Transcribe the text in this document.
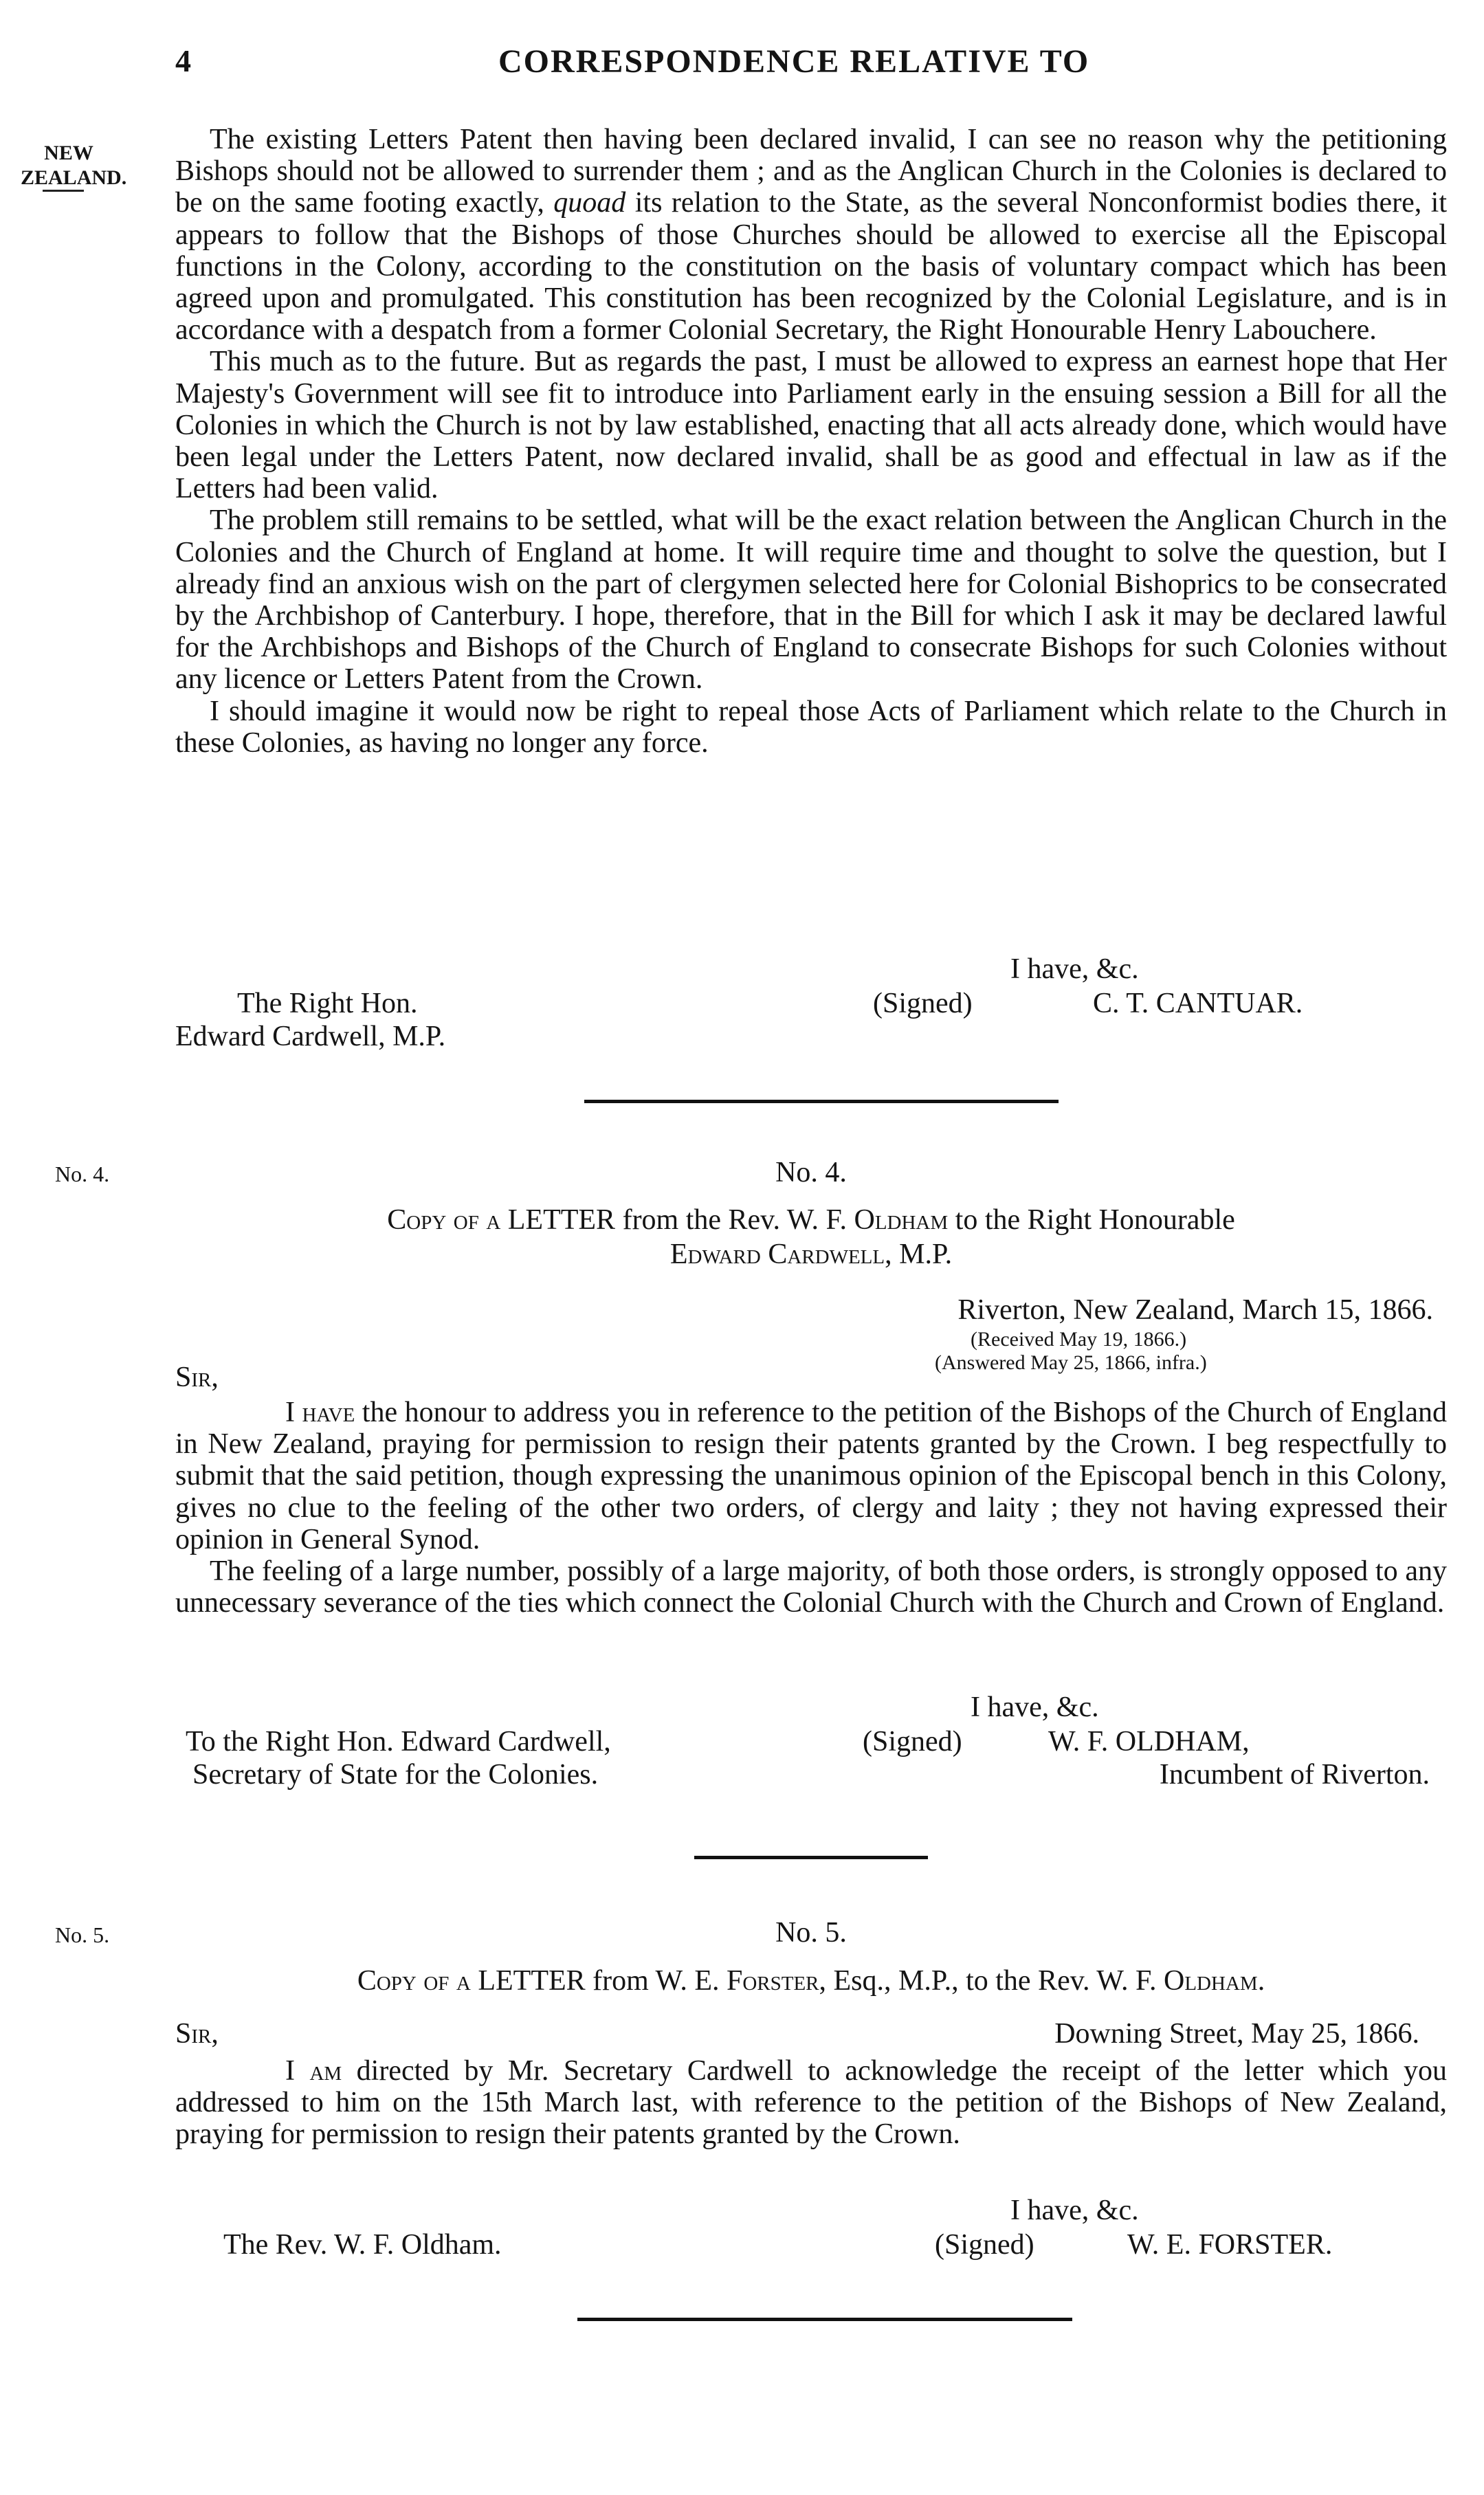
4	CORRESPONDENCE RELATIVE TO
NEW
ZEALAND.

The existing Letters Patent then having been declared invalid, I can see no reason why the petitioning Bishops should not be allowed to surrender them ; and as the Anglican Church in the Colonies is declared to be on the same footing exactly, quoad its relation to the State, as the several Nonconformist bodies there, it appears to follow that the Bishops of those Churches should be allowed to exercise all the Episcopal functions in the Colony, according to the constitution on the basis of voluntary compact which has been agreed upon and promulgated. This constitution has been recognized by the Colonial Legislature, and is in accordance with a despatch from a former Colonial Secretary, the Right Honourable Henry Labouchere.

This much as to the future. But as regards the past, I must be allowed to express an earnest hope that Her Majesty's Government will see fit to introduce into Parliament early in the ensuing session a Bill for all the Colonies in which the Church is not by law established, enacting that all acts already done, which would have been legal under the Letters Patent, now declared invalid, shall be as good and effectual in law as if the Letters had been valid.

The problem still remains to be settled, what will be the exact relation between the Anglican Church in the Colonies and the Church of England at home. It will require time and thought to solve the question, but I already find an anxious wish on the part of clergymen selected here for Colonial Bishoprics to be consecrated by the Archbishop of Canterbury. I hope, therefore, that in the Bill for which I ask it may be declared lawful for the Archbishops and Bishops of the Church of England to consecrate Bishops for such Colonies without any licence or Letters Patent from the Crown.

I should imagine it would now be right to repeal those Acts of Parliament which relate to the Church in these Colonies, as having no longer any force.

I have, &c.
The Right Hon.
Edward Cardwell, M.P.
(Signed)	C. T. CANTUAR.
No. 4.	No. 4.
Copy of a LETTER from the Rev. W. F. Oldham to the Right Honourable
Edward Cardwell, M.P.
Riverton, New Zealand, March 15, 1866.
(Received May 19, 1866.)
(Answered May 25, 1866, infra.)
Sir,

I have the honour to address you in reference to the petition of the Bishops of the Church of England in New Zealand, praying for permission to resign their patents granted by the Crown. I beg respectfully to submit that the said petition, though expressing the unanimous opinion of the Episcopal bench in this Colony, gives no clue to the feeling of the other two orders, of clergy and laity ; they not having expressed their opinion in General Synod.

The feeling of a large number, possibly of a large majority, of both those orders, is strongly opposed to any unnecessary severance of the ties which connect the Colonial Church with the Church and Crown of England.

I have, &c.
To the Right Hon. Edward Cardwell,
Secretary of State for the Colonies.
(Signed)	W. F. OLDHAM,
Incumbent of Riverton.
No. 5.	No. 5.
Copy of a LETTER from W. E. Forster, Esq., M.P., to the Rev. W. F. Oldham.
Sir,	Downing Street, May 25, 1866.

I am directed by Mr. Secretary Cardwell to acknowledge the receipt of the letter which you addressed to him on the 15th March last, with reference to the petition of the Bishops of New Zealand, praying for permission to resign their patents granted by the Crown.

I have, &c.
The Rev. W. F. Oldham.	(Signed)	W. E. FORSTER.
